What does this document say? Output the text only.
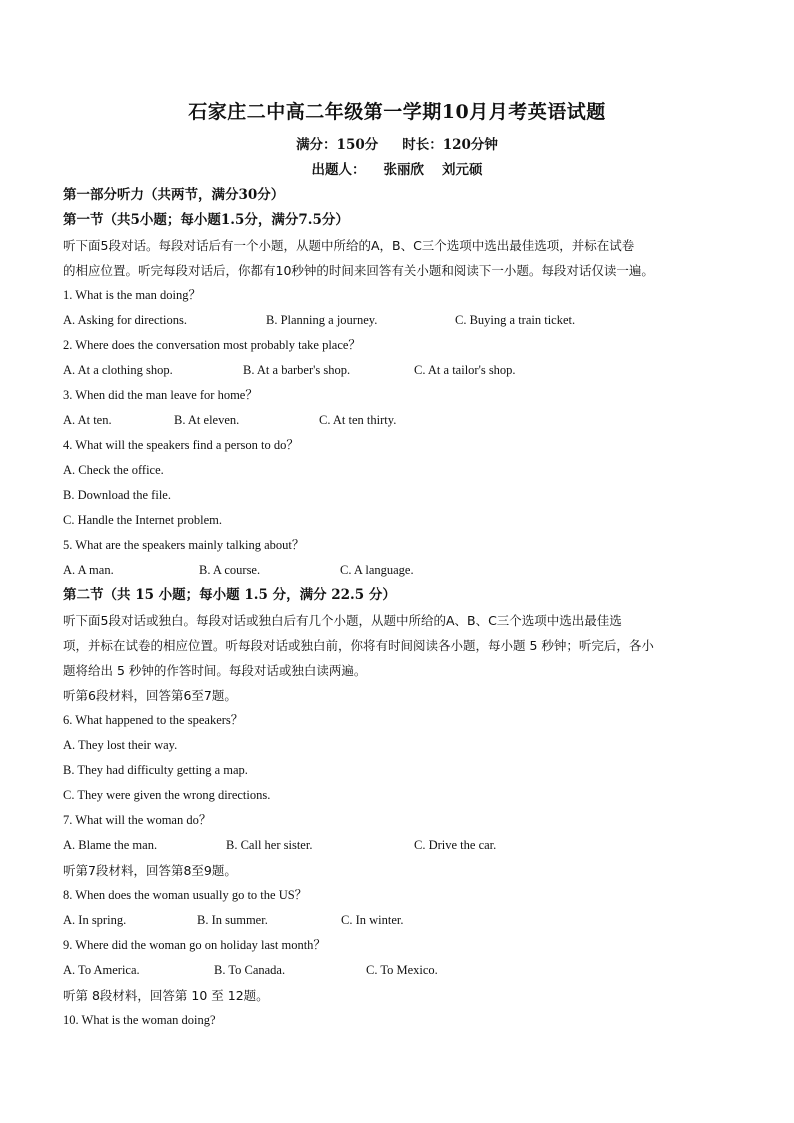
石家庄二中高二年级第一学期10月月考英语试题
满分：150分 时长：120分钟
出题人： 张丽欣 刘元硕
第一部分听力（共两节，满分30分）
第一节（共5小题；每小题1.5分，满分7.5分）
听下面5段对话。每段对话后有一个小题，从题中所给的A，B、C三个选项中选出最佳选项，并标在试卷
的相应位置。听完每段对话后，你都有10秒钟的时间来回答有关小题和阅读下一小题。每段对话仅读一遍。
1. What is the man doing？
A. Asking for directions.	B. Planning a journey.	C. Buying a train ticket.
2. Where does the conversation most probably take place？
A. At a clothing shop.	B. At a barber's shop.	C. At a tailor's shop.
3. When did the man leave for home？
A. At ten.	B. At eleven.	C. At ten thirty.
4. What will the speakers find a person to do？
A. Check the office.
B. Download the file.
C. Handle the Internet problem.
5. What are the speakers mainly talking about？
A. A man.	B. A course.	C. A language.
第二节（共 15 小题；每小题 1.5 分，满分 22.5 分）
听下面5段对话或独白。每段对话或独白后有几个小题，从题中所给的A、B、C三个选项中选出最佳选
项，并标在试卷的相应位置。听每段对话或独白前，你将有时间阅读各小题，每小题 5 秒钟；听完后，各小
题将给出 5 秒钟的作答时间。每段对话或独白读两遍。
听第6段材料，回答第6至7题。
6. What happened to the speakers？
A. They lost their way.
B. They had difficulty getting a map.
C. They were given the wrong directions.
7. What will the woman do？
A. Blame the man.	B. Call her sister.	C. Drive the car.
听第7段材料，回答第8至9题。
8. When does the woman usually go to the US？
A. In spring.	B. In summer.	C. In winter.
9. Where did the woman go on holiday last month？
A. To America.	B. To Canada.	C. To Mexico.
听第 8段材料，回答第 10 至 12题。
10. What is the woman doing?
